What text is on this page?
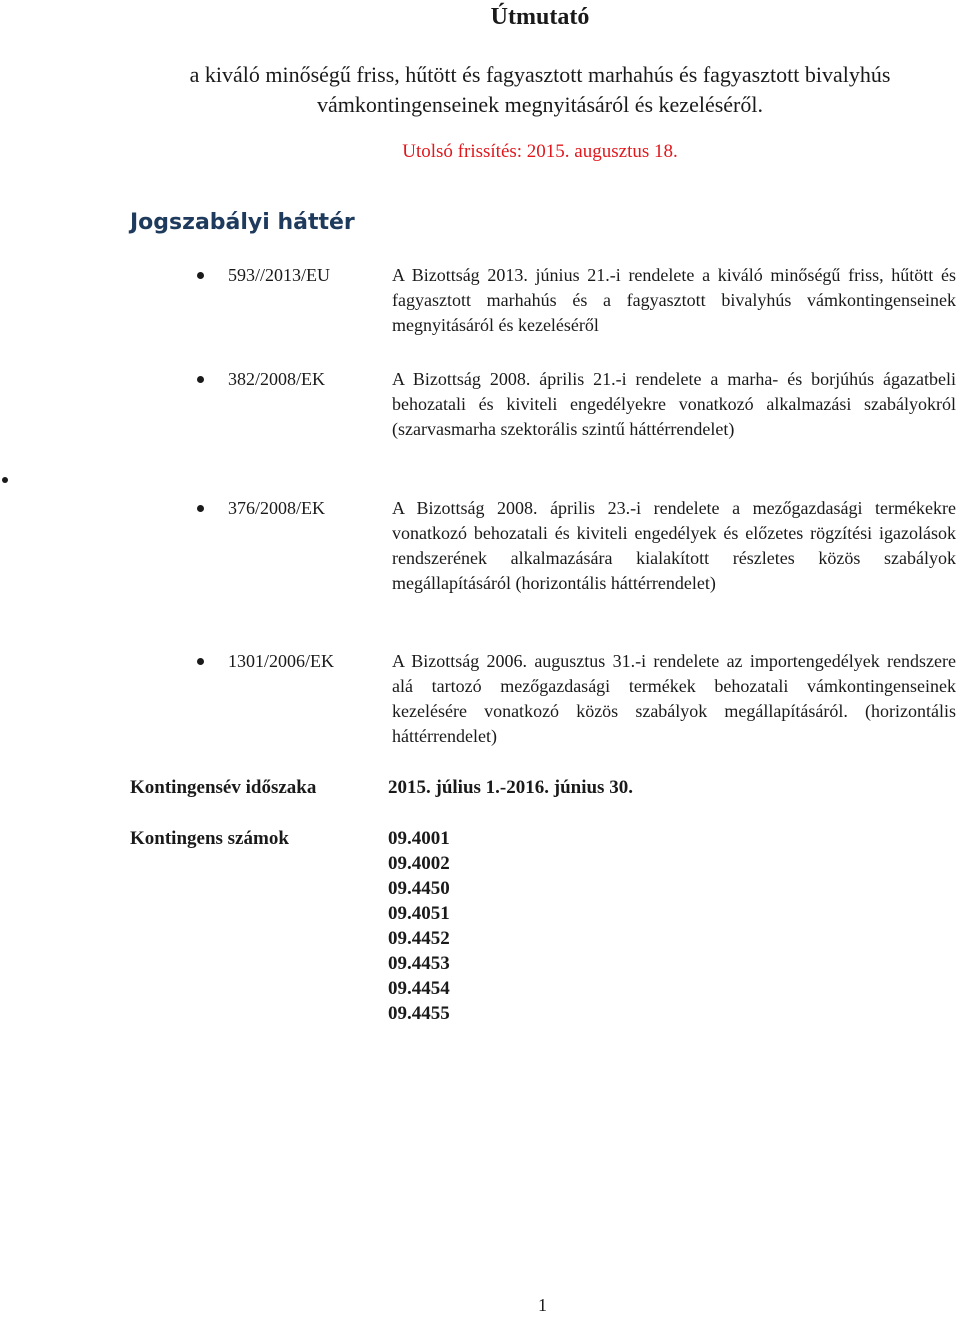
Útmutató
a kiváló minőségű friss, hűtött és fagyasztott marhahús és fagyasztott bivalyhús vámkontingenseinek megnyitásáról és kezeléséről.
Utolsó frissítés: 2015. augusztus 18.
Jogszabályi háttér
593//2013/EU	A Bizottság 2013. június 21.-i rendelete a kiváló minőségű friss, hűtött és fagyasztott marhahús és a fagyasztott bivalyhús vámkontingenseinek megnyitásáról és kezeléséről
382/2008/EK	A Bizottság 2008. április 21.-i rendelete a marha- és borjúhús ágazatbeli behozatali és kiviteli engedélyekre vonatkozó alkalmazási szabályokról (szarvasmarha szektorális szintű háttérrendelet)
376/2008/EK	A Bizottság 2008. április 23.-i rendelete a mezőgazdasági termékekre vonatkozó behozatali és kiviteli engedélyek és előzetes rögzítési igazolások rendszerének alkalmazására kialakított részletes közös szabályok megállapításáról (horizontális háttérrendelet)
1301/2006/EK	A Bizottság 2006. augusztus 31.-i rendelete az importengedélyek rendszere alá tartozó mezőgazdasági termékek behozatali vámkontingenseinek kezelésére vonatkozó közös szabályok megállapításáról. (horizontális háttérrendelet)
Kontingensév időszaka	2015. július 1.-2016. június 30.
Kontingens számok	09.4001
09.4002
09.4450
09.4051
09.4452
09.4453
09.4454
09.4455
1
